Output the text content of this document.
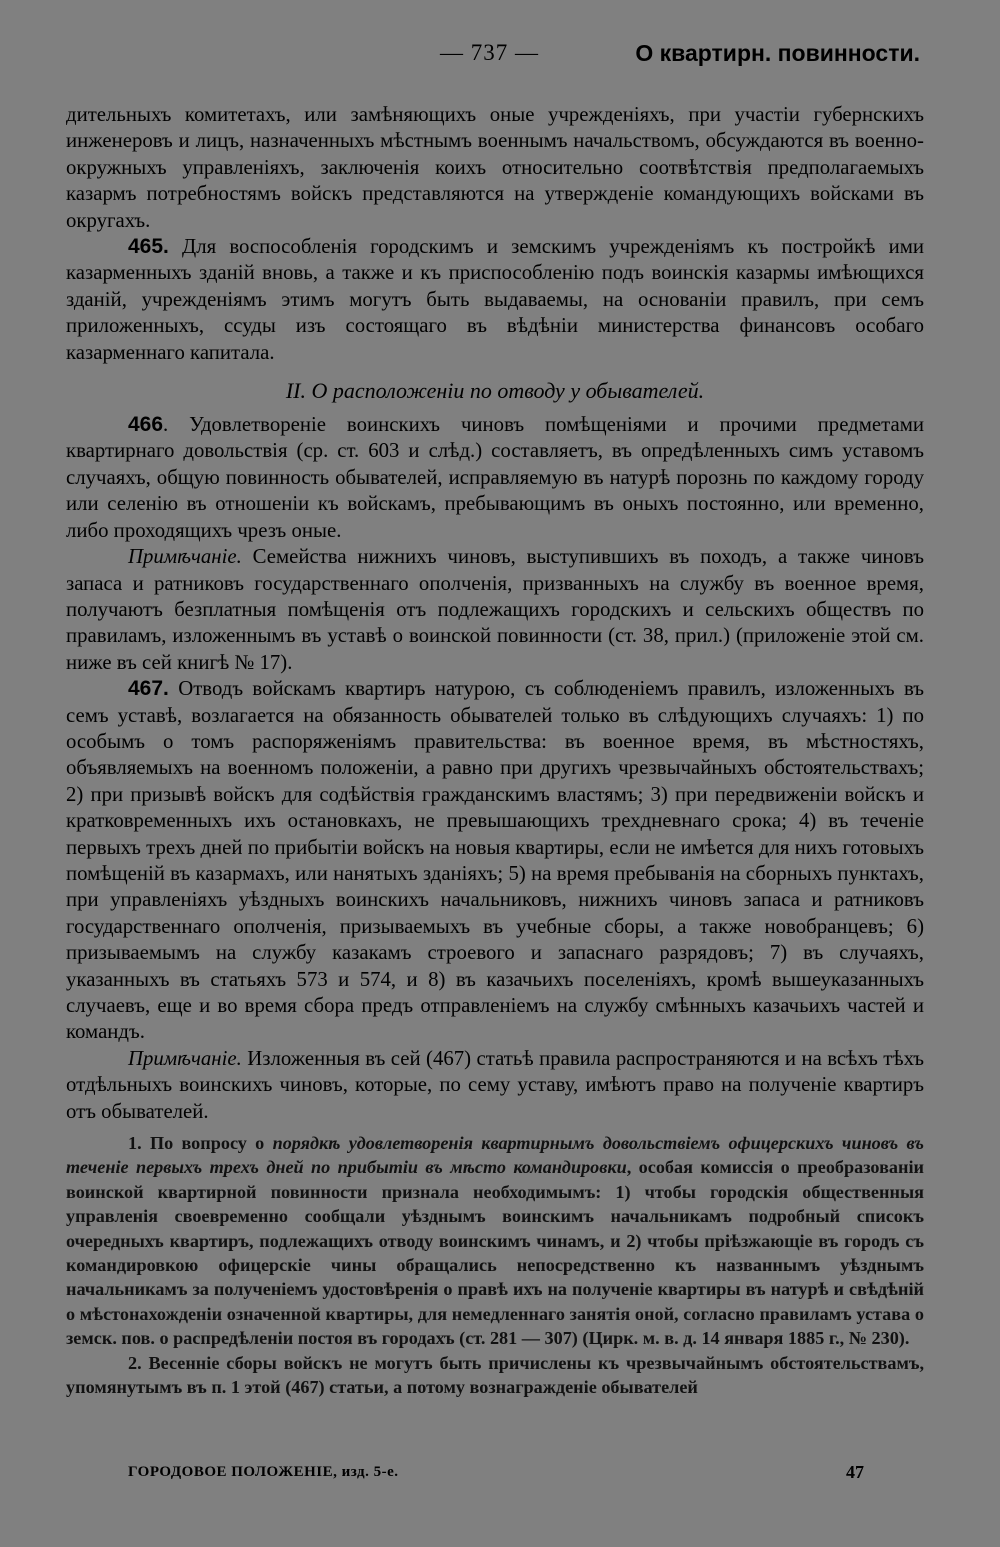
— 737 —	О квартирн. повинности.

дительныхъ комитетахъ, или замѣняющихъ оные учрежденіяхъ, при участіи губернскихъ инженеровъ и лицъ, назначенныхъ мѣстнымъ военнымъ начальствомъ, обсуждаются въ военно-окружныхъ управленіяхъ, заключенія коихъ относительно соотвѣтствія предполагаемыхъ казармъ потребностямъ войскъ представляются на утвержденіе командующихъ войсками въ округахъ.

465. Для воспособленія городскимъ и земскимъ учрежденіямъ къ постройкѣ ими казарменныхъ зданій вновь, а также и къ приспособленію подъ воинскія казармы имѣющихся зданій, учрежденіямъ этимъ могутъ быть выдаваемы, на основаніи правилъ, при семъ приложенныхъ, ссуды изъ состоящаго въ вѣдѣніи министерства финансовъ особаго казарменнаго капитала.

II. О расположеніи по отводу у обывателей.

466. Удовлетвореніе воинскихъ чиновъ помѣщеніями и прочими предметами квартирнаго довольствія (ср. ст. 603 и слѣд.) составляетъ, въ опредѣленныхъ симъ уставомъ случаяхъ, общую повинность обывателей, исправляемую въ натурѣ порознь по каждому городу или селенію въ отношеніи къ войскамъ, пребывающимъ въ оныхъ постоянно, или временно, либо проходящихъ чрезъ оные.

Примѣчаніе. Семейства нижнихъ чиновъ, выступившихъ въ походъ, а также чиновъ запаса и ратниковъ государственнаго ополченія, призванныхъ на службу въ военное время, получаютъ безплатныя помѣщенія отъ подлежащихъ городскихъ и сельскихъ обществъ по правиламъ, изложеннымъ въ уставѣ о воинской повинности (ст. 38, прил.) (приложеніе этой см. ниже въ сей книгѣ № 17).

467. Отводъ войскамъ квартиръ натурою, съ соблюденіемъ правилъ, изложенныхъ въ семъ уставѣ, возлагается на обязанность обывателей только въ слѣдующихъ случаяхъ: 1) по особымъ о томъ распоряженіямъ правительства: въ военное время, въ мѣстностяхъ, объявляемыхъ на военномъ положеніи, а равно при другихъ чрезвычайныхъ обстоятельствахъ; 2) при призывѣ войскъ для содѣйствія гражданскимъ властямъ; 3) при передвиженіи войскъ и кратковременныхъ ихъ остановкахъ, не превышающихъ трехдневнаго срока; 4) въ теченіе первыхъ трехъ дней по прибытіи войскъ на новыя квартиры, если не имѣется для нихъ готовыхъ помѣщеній въ казармахъ, или нанятыхъ зданіяхъ; 5) на время пребыванія на сборныхъ пунктахъ, при управленіяхъ уѣздныхъ воинскихъ начальниковъ, нижнихъ чиновъ запаса и ратниковъ государственнаго ополченія, призываемыхъ въ учебные сборы, а также новобранцевъ; 6) призываемымъ на службу казакамъ строевого и запаснаго разрядовъ; 7) въ случаяхъ, указанныхъ въ статьяхъ 573 и 574, и 8) въ казачьихъ поселеніяхъ, кромѣ вышеуказанныхъ случаевъ, еще и во время сбора предъ отправленіемъ на службу смѣнныхъ казачьихъ частей и командъ.

Примѣчаніе. Изложенныя въ сей (467) статьѣ правила распространяются и на всѣхъ тѣхъ отдѣльныхъ воинскихъ чиновъ, которые, по сему уставу, имѣютъ право на полученіе квартиръ отъ обывателей.

1. По вопросу о порядкѣ удовлетворенія квартирнымъ довольствіемъ офицерскихъ чиновъ въ теченіе первыхъ трехъ дней по прибытіи въ мѣсто командировки, особая комиссія о преобразованіи воинской квартирной повинности признала необходимымъ: 1) чтобы городскія общественныя управленія своевременно сообщали уѣзднымъ воинскимъ начальникамъ подробный списокъ очередныхъ квартиръ, подлежащихъ отводу воинскимъ чинамъ, и 2) чтобы пріѣзжающіе въ городъ съ командировкою офицерскіе чины обращались непосредственно къ названнымъ уѣзднымъ начальникамъ за полученіемъ удостовѣренія о правѣ ихъ на полученіе квартиры въ натурѣ и свѣдѣній о мѣстонахожденіи означенной квартиры, для немедленнаго занятія оной, согласно правиламъ устава о земск. пов. о распредѣленіи постоя въ городахъ (ст. 281 — 307) (Цирк. м. в. д. 14 января 1885 г., № 230).

2. Весеннiе сборы войскъ не могутъ быть причислены къ чрезвычайнымъ обстоятельствамъ, упомянутымъ въ п. 1 этой (467) статьи, а потому вознагражденіе обывателей

ГОРОДОВОЕ ПОЛОЖЕНІЕ, изд. 5-е.	47
